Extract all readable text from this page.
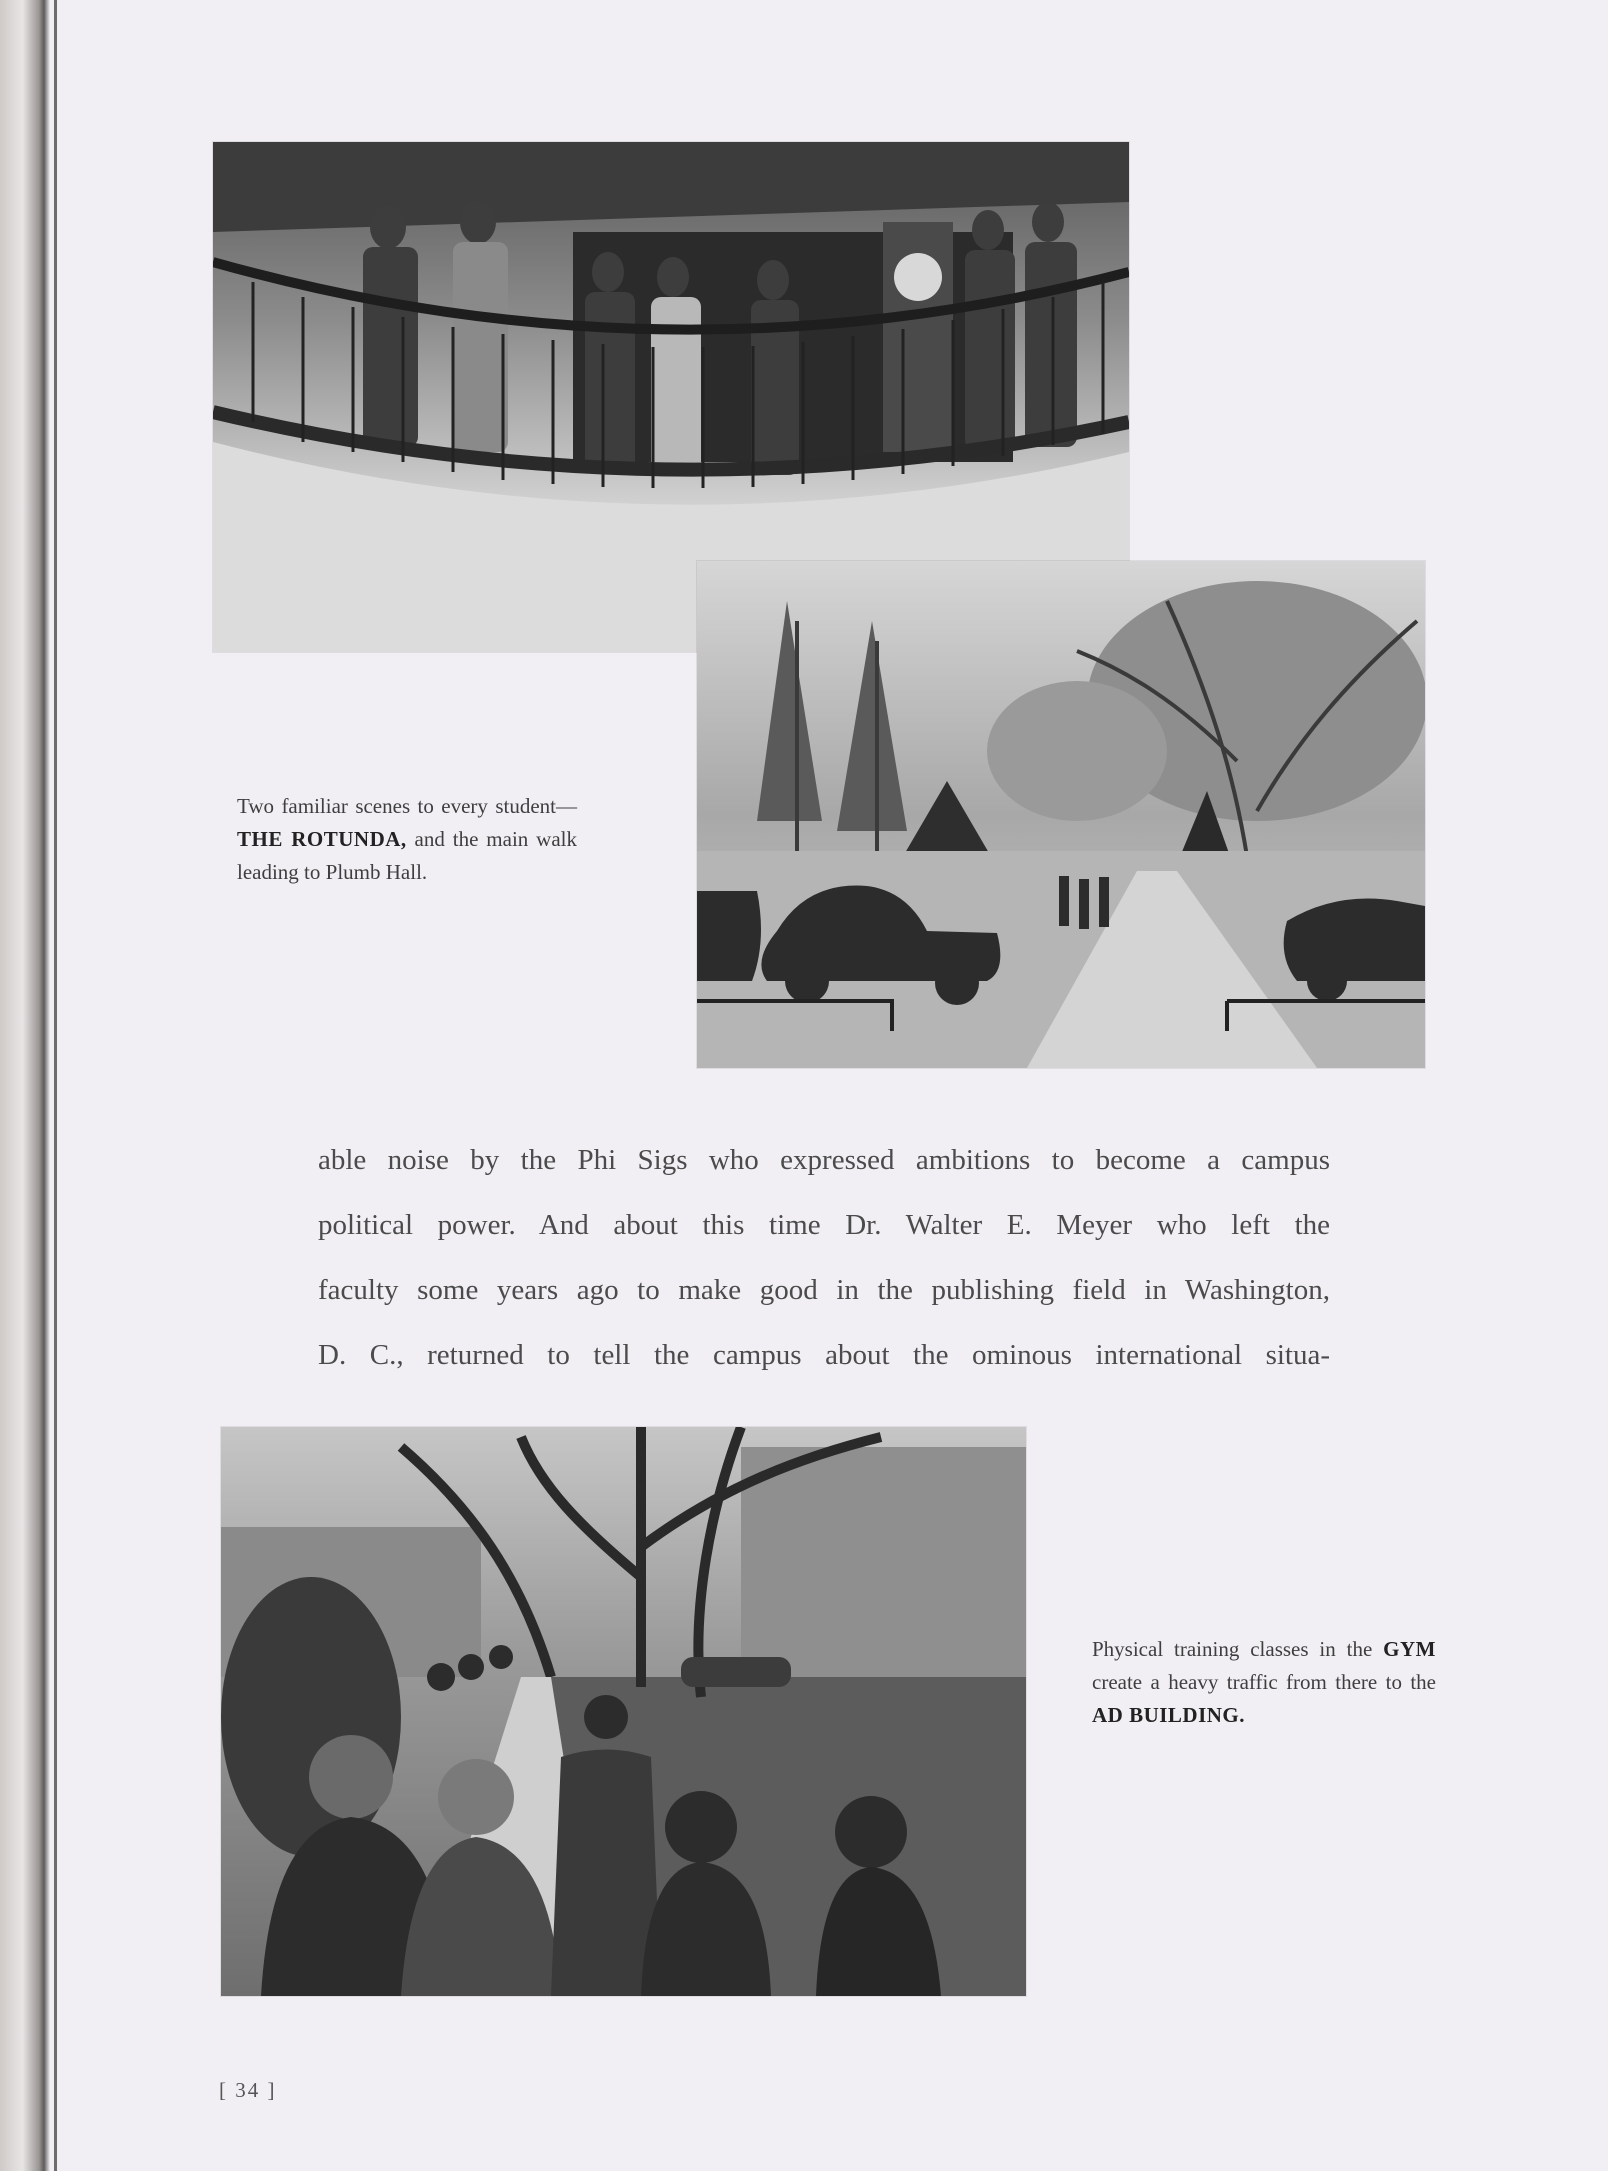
Two familiar scenes to every student—THE ROTUNDA, and the main walk leading to Plumb Hall.
able noise by the Phi Sigs who expressed ambitions to become a campus
political power. And about this time Dr. Walter E. Meyer who left the
faculty some years ago to make good in the publishing field in Washington,
D. C., returned to tell the campus about the ominous international situa-
Physical training classes in the GYM create a heavy traffic from there to the AD BUILDING.
[ 34 ]
